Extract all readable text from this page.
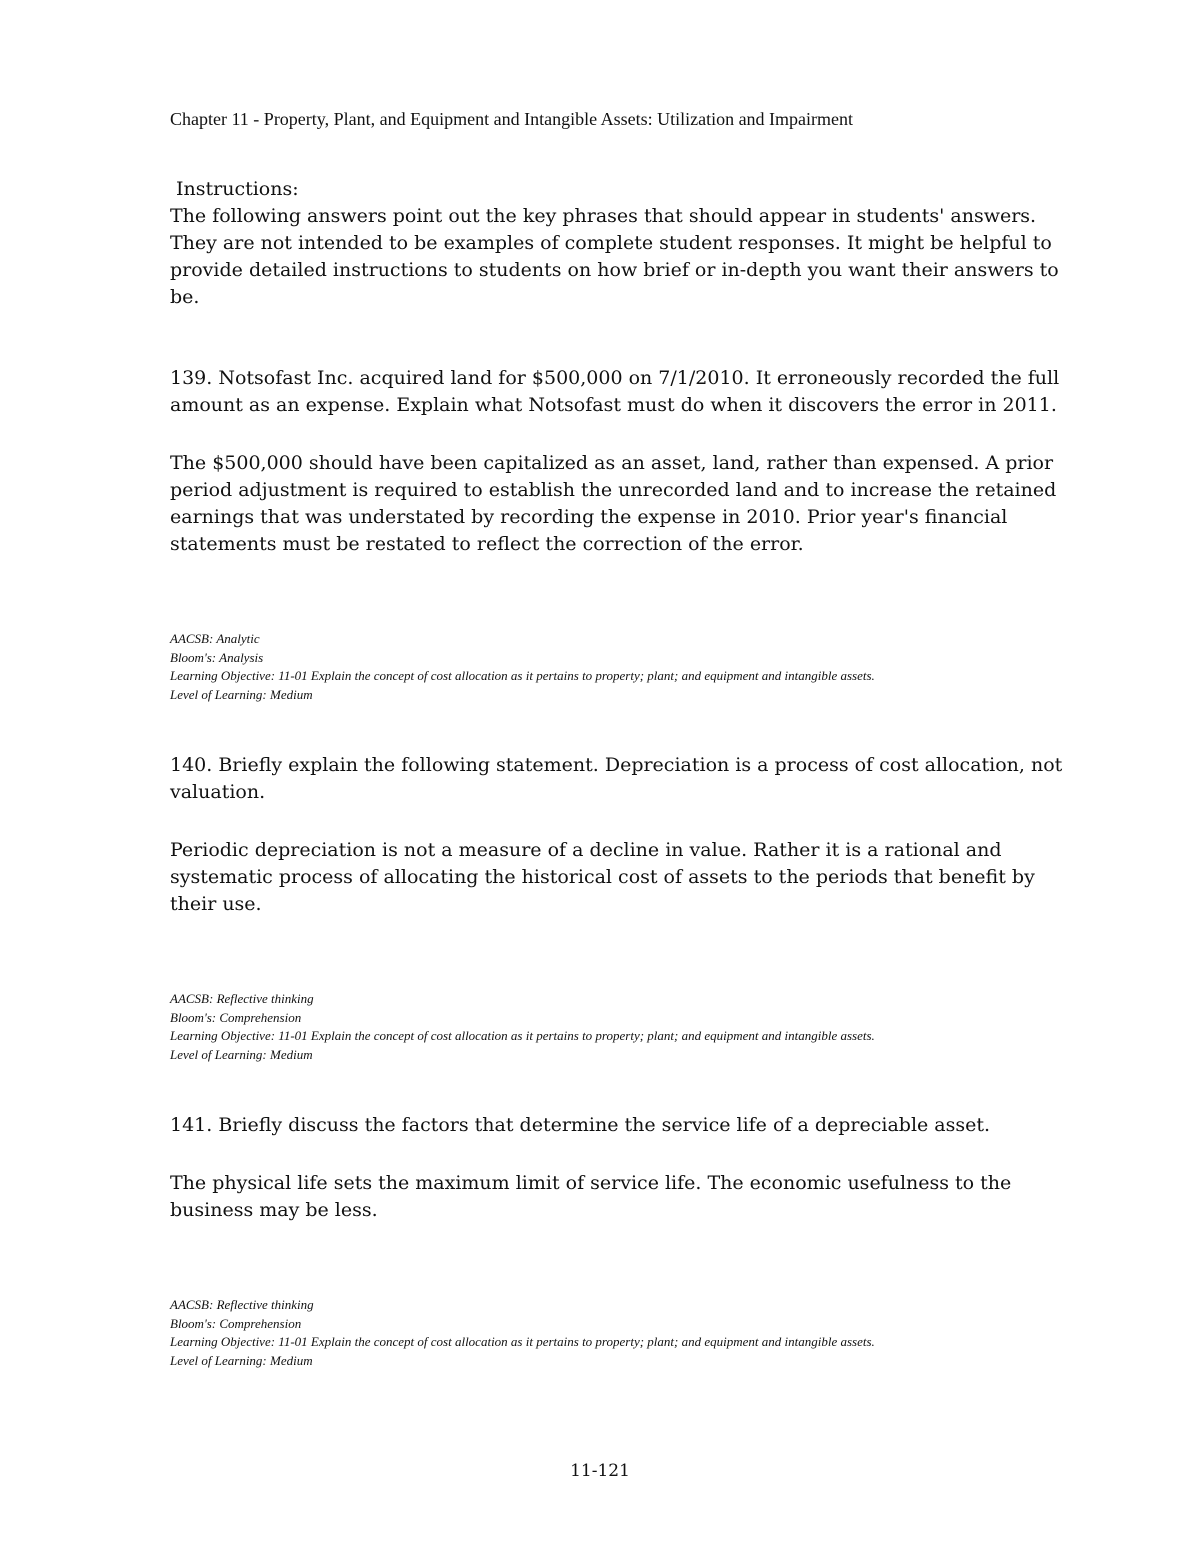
Chapter 11 - Property, Plant, and Equipment and Intangible Assets: Utilization and Impairment
Instructions:
The following answers point out the key phrases that should appear in students' answers. They are not intended to be examples of complete student responses. It might be helpful to provide detailed instructions to students on how brief or in-depth you want their answers to be.

139. Notsofast Inc. acquired land for $500,000 on 7/1/2010. It erroneously recorded the full amount as an expense. Explain what Notsofast must do when it discovers the error in 2011.

The $500,000 should have been capitalized as an asset, land, rather than expensed. A prior period adjustment is required to establish the unrecorded land and to increase the retained earnings that was understated by recording the expense in 2010. Prior year's financial statements must be restated to reflect the correction of the error.

AACSB: Analytic
Bloom's: Analysis
Learning Objective: 11-01 Explain the concept of cost allocation as it pertains to property; plant; and equipment and intangible assets.
Level of Learning: Medium

140. Briefly explain the following statement. Depreciation is a process of cost allocation, not valuation.

Periodic depreciation is not a measure of a decline in value. Rather it is a rational and systematic process of allocating the historical cost of assets to the periods that benefit by their use.

AACSB: Reflective thinking
Bloom's: Comprehension
Learning Objective: 11-01 Explain the concept of cost allocation as it pertains to property; plant; and equipment and intangible assets.
Level of Learning: Medium

141. Briefly discuss the factors that determine the service life of a depreciable asset.

The physical life sets the maximum limit of service life. The economic usefulness to the business may be less.

AACSB: Reflective thinking
Bloom's: Comprehension
Learning Objective: 11-01 Explain the concept of cost allocation as it pertains to property; plant; and equipment and intangible assets.
Level of Learning: Medium
11-121
